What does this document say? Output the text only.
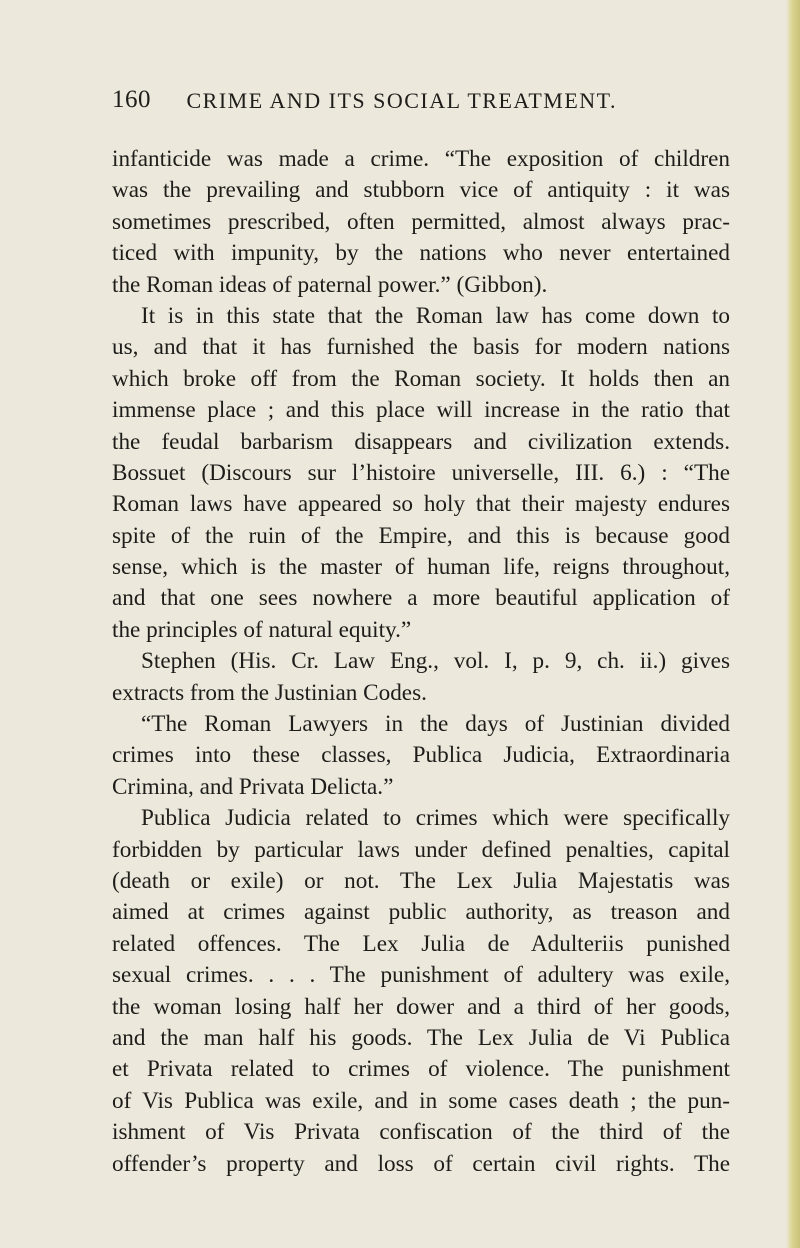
160 CRIME AND ITS SOCIAL TREATMENT.
infanticide was made a crime. “The exposition of children
was the prevailing and stubborn vice of antiquity : it was
sometimes prescribed, often permitted, almost always prac-
ticed with impunity, by the nations who never entertained
the Roman ideas of paternal power.” (Gibbon).
It is in this state that the Roman law has come down to
us, and that it has furnished the basis for modern nations
which broke off from the Roman society. It holds then an
immense place ; and this place will increase in the ratio that
the feudal barbarism disappears and civilization extends.
Bossuet (Discours sur l’histoire universelle, III. 6.) : “The
Roman laws have appeared so holy that their majesty endures
spite of the ruin of the Empire, and this is because good
sense, which is the master of human life, reigns throughout,
and that one sees nowhere a more beautiful application of
the principles of natural equity.”
Stephen (His. Cr. Law Eng., vol. I, p. 9, ch. ii.) gives
extracts from the Justinian Codes.
“The Roman Lawyers in the days of Justinian divided
crimes into these classes, Publica Judicia, Extraordinaria
Crimina, and Privata Delicta.”
Publica Judicia related to crimes which were specifically
forbidden by particular laws under defined penalties, capital
(death or exile) or not. The Lex Julia Majestatis was
aimed at crimes against public authority, as treason and
related offences. The Lex Julia de Adulteriis punished
sexual crimes. . . . The punishment of adultery was exile,
the woman losing half her dower and a third of her goods,
and the man half his goods. The Lex Julia de Vi Publica
et Privata related to crimes of violence. The punishment
of Vis Publica was exile, and in some cases death ; the pun-
ishment of Vis Privata confiscation of the third of the
offender’s property and loss of certain civil rights. The
